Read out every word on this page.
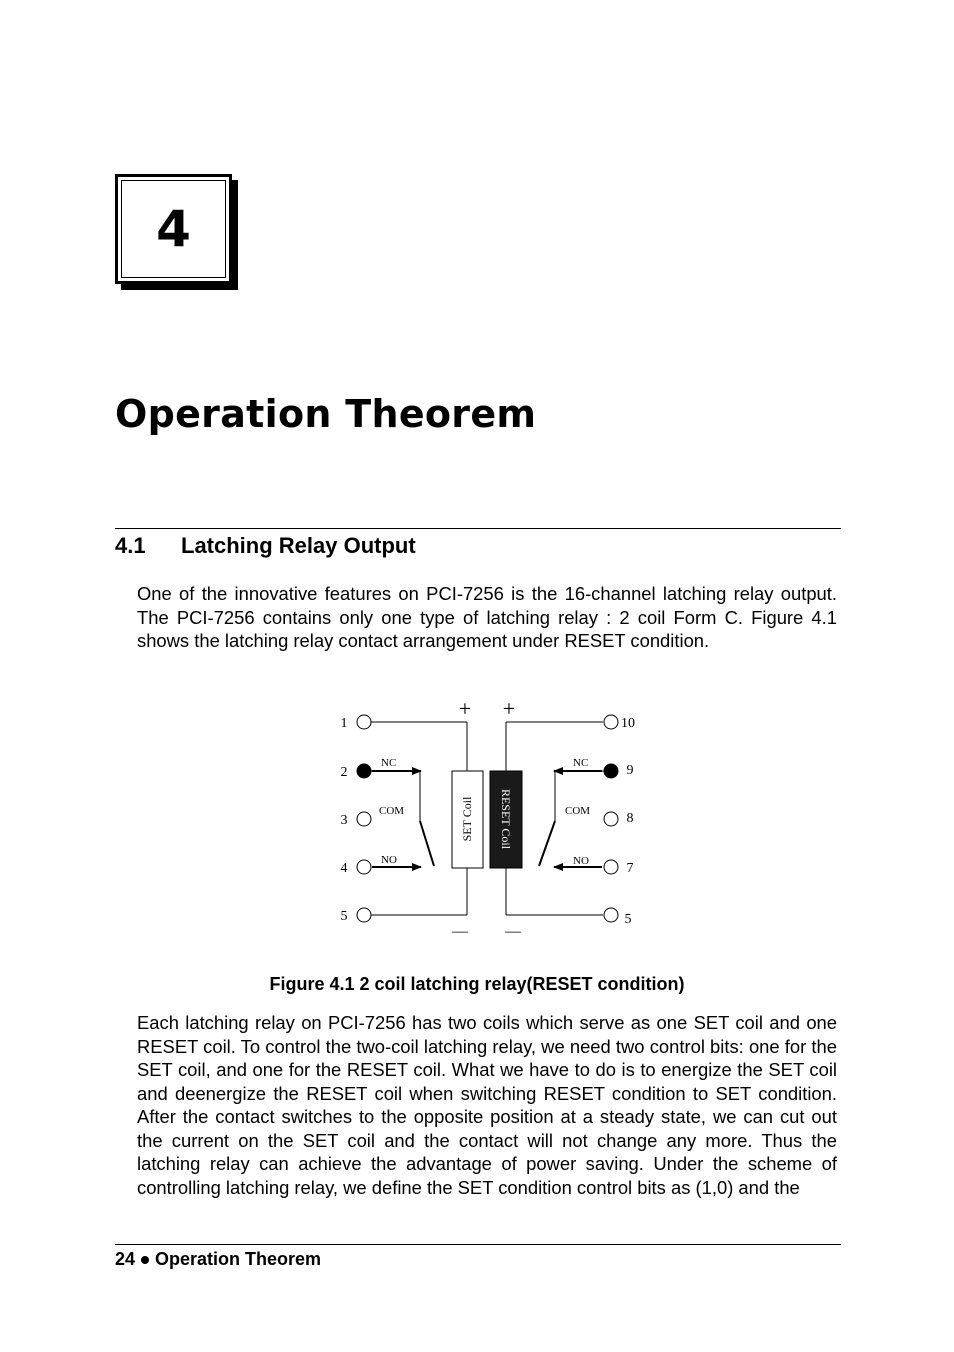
4
Operation Theorem
4.1 Latching Relay Output

One of the innovative features on PCI-7256 is the 16-channel latching relay output. The PCI-7256 contains only one type of latching relay : 2 coil Form C. Figure 4.1 shows the latching relay contact arrangement under RESET condition.

SET Coil RESET Coil
+ +
— —
1
2
3
4
5
10
9
8
7
5
NC
COM
NO
NC
COM
NO

Figure 4.1 2 coil latching relay(RESET condition)

Each latching relay on PCI-7256 has two coils which serve as one SET coil and one RESET coil. To control the two-coil latching relay, we need two control bits: one for the SET coil, and one for the RESET coil. What we have to do is to energize the SET coil and deenergize the RESET coil when switching RESET condition to SET condition. After the contact switches to the opposite position at a steady state, we can cut out the current on the SET coil and the contact will not change any more. Thus the latching relay can achieve the advantage of power saving. Under the scheme of controlling latching relay, we define the SET condition control bits as (1,0) and the

24 Operation Theorem
